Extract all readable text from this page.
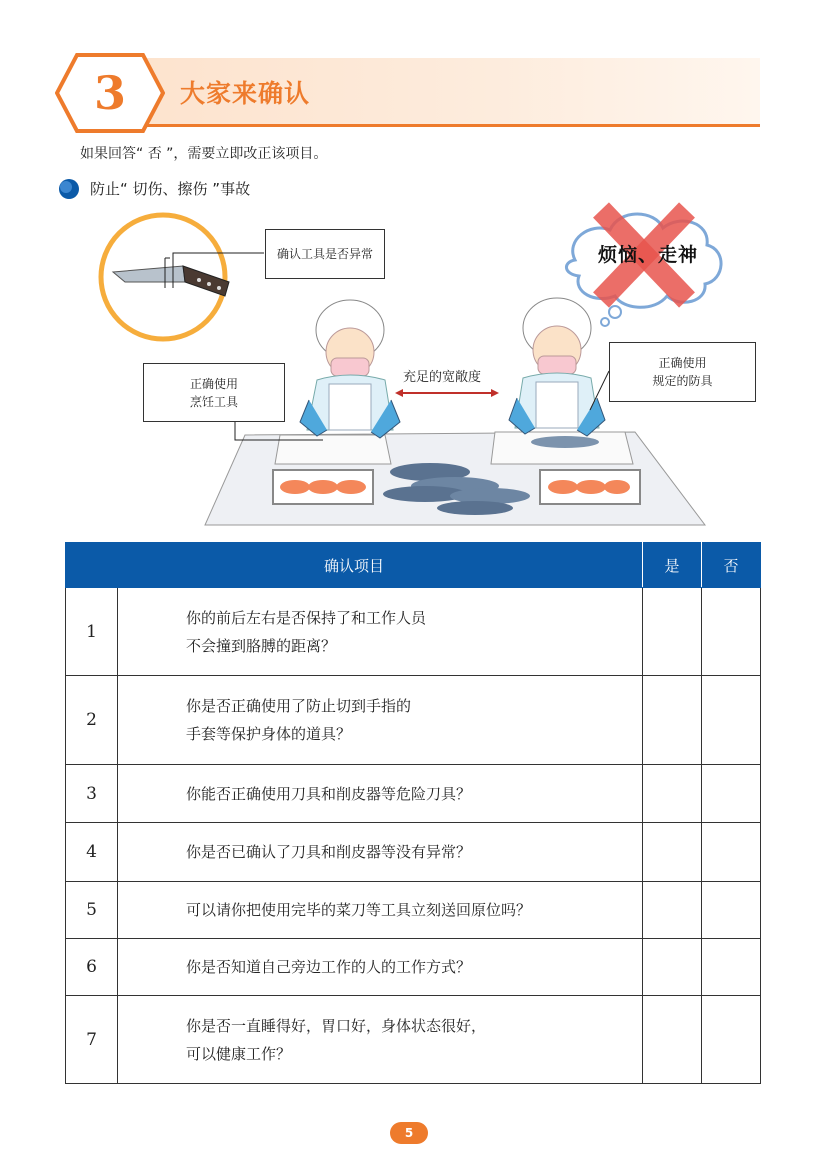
3	大家来确认
如果回答“ 否 ”，需要立即改正该项目。
防止“ 切伤、擦伤 ”事故
确认工具是否异常
正确使用
烹饪工具
正确使用
规定的防具
充足的宽敞度
烦恼、走神
确认项目		是	否
1	你的前后左右是否保持了和工作人员
不会撞到胳膊的距离？		

2	你是否正确使用了防止切到手指的
手套等保护身体的道具？		

3	你能否正确使用刀具和削皮器等危险刀具？		

4	你是否已确认了刀具和削皮器等没有异常？		

5	可以请你把使用完毕的菜刀等工具立刻送回原位吗？		

6	你是否知道自己旁边工作的人的工作方式？		

7	你是否一直睡得好，胃口好，身体状态很好，
可以健康工作？		

5
